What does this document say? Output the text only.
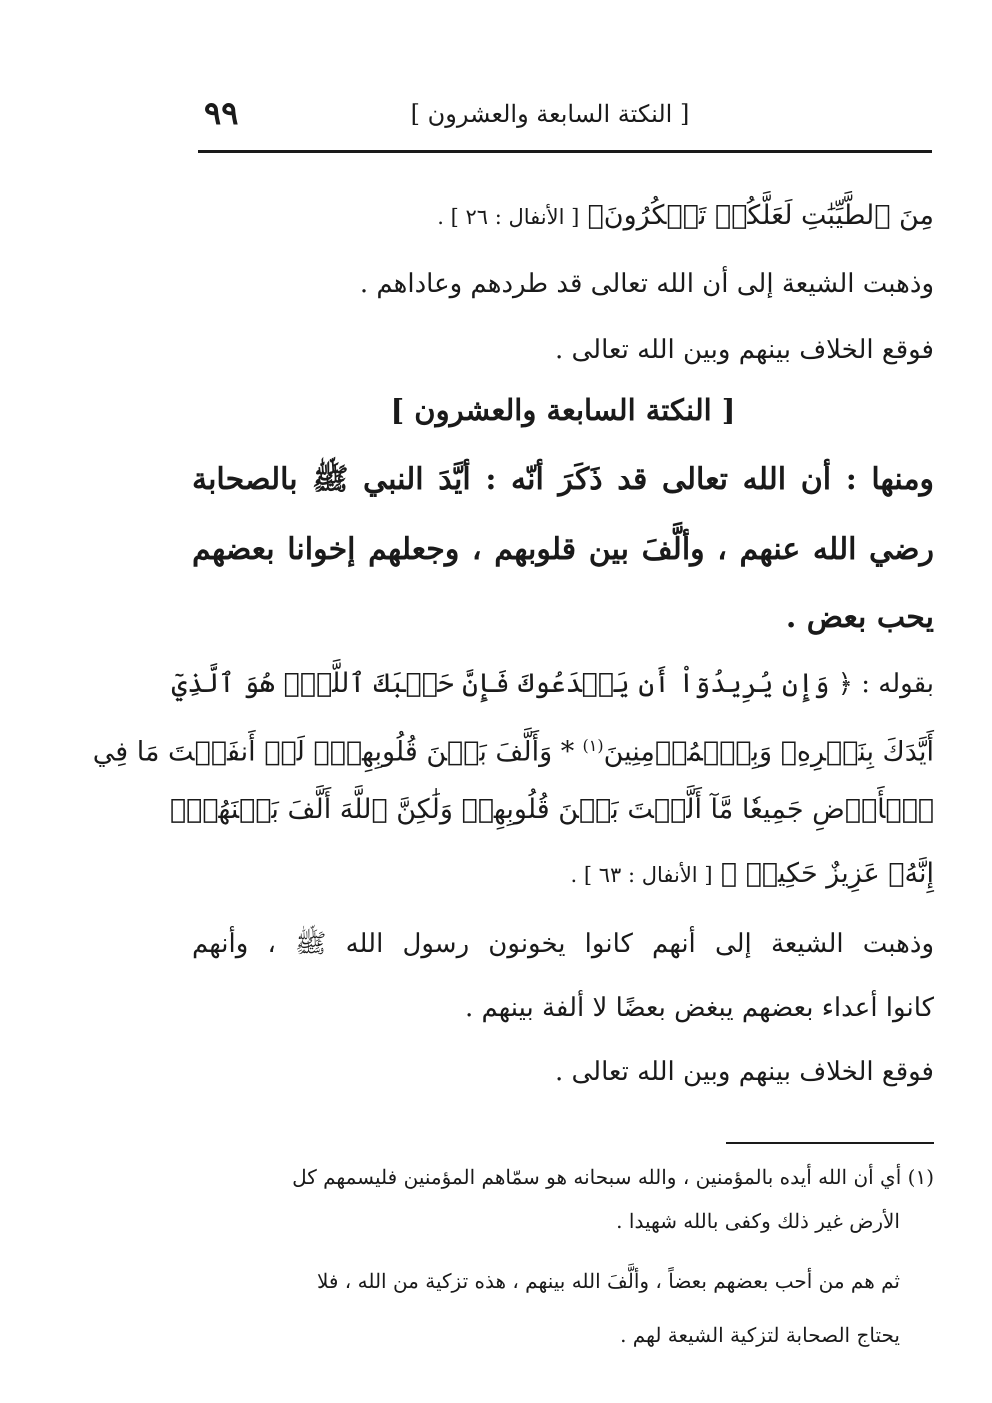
٩٩	[ النكتة السابعة والعشرون ]
مِنَ ٱلطَّيِّبَٰتِ لَعَلَّكُمۡ تَشۡكُرُونَ﴾ [ الأنفال : ٢٦ ] .
وذهبت الشيعة إلى أن الله تعالى قد طردهم وعاداهم .
فوقع الخلاف بينهم وبين الله تعالى .
[ النكتة السابعة والعشرون ]
ومنها : أن الله تعالى قد ذَكَرَ أنّه : أيَّدَ النبي ﷺ بالصحابة
رضي الله عنهم ، وألَّفَ بين قلوبهم ، وجعلهم إخوانا بعضهم
يحب بعض .
بقوله : ﴿ وَإِن يُرِيدُوٓاْ أَن يَخۡدَعُوكَ فَإِنَّ حَسۡبَكَ ٱللَّهُۚ هُوَ ٱلَّذِيٓ
أَيَّدَكَ بِنَصۡرِهِۦ وَبِٱلۡمُؤۡمِنِينَ$^{(١)}$ * وَأَلَّفَ بَيۡنَ قُلُوبِهِمۡۚ لَوۡ أَنفَقۡتَ مَا فِي
ٱلۡأَرۡضِ جَمِيعٗا مَّآ أَلَّفۡتَ بَيۡنَ قُلُوبِهِمۡ وَلَٰكِنَّ ٱللَّهَ أَلَّفَ بَيۡنَهُمۡۚ
إِنَّهُۥ عَزِيزٌ حَكِيمٞ ﴾ [ الأنفال : ٦٣ ] .
وذهبت الشيعة إلى أنهم كانوا يخونون رسول الله ﷺ ، وأنهم
كانوا أعداء بعضهم يبغض بعضًا لا ألفة بينهم .
فوقع الخلاف بينهم وبين الله تعالى .
(١) أي أن الله أيده بالمؤمنين ، والله سبحانه هو سمّاهم المؤمنين فليسمهم كل
الأرض غير ذلك وكفى بالله شهيدا .
ثم هم من أحب بعضهم بعضاً ، وألَّفَ الله بينهم ، هذه تزكية من الله ، فلا
يحتاج الصحابة لتزكية الشيعة لهم .
